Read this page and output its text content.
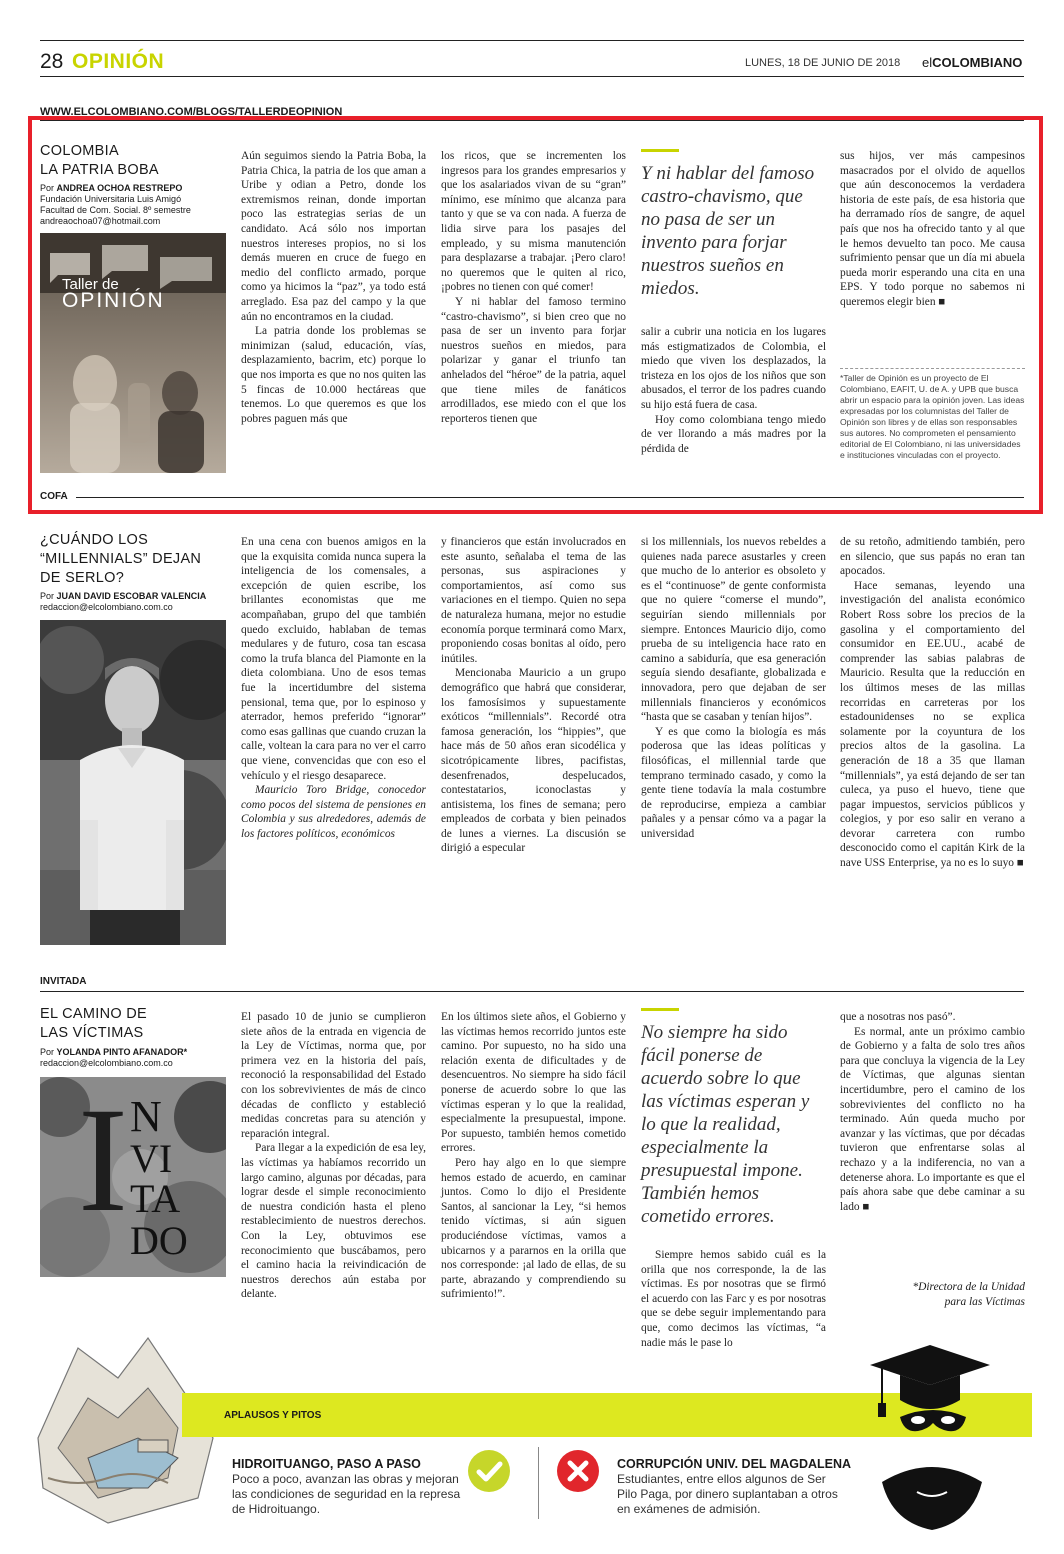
28 OPINIÓN	LUNES, 18 DE JUNIO DE 2018 elCOLOMBIANO
WWW.ELCOLOMBIANO.COM/BLOGS/TALLERDEOPINION
COLOMBIA
LA PATRIA BOBA
Por ANDREA OCHOA RESTREPO
Fundación Universitaria Luis Amigó
Facultad de Com. Social. 8º semestre
andreaochoa07@hotmail.com
Taller de
OPINIÓN

Aún seguimos siendo la Patria Boba, la Patria Chica, la patria de los que aman a Uribe y odian a Petro, donde los extremismos reinan, donde importan poco las estrategias serias de un candidato. Acá sólo nos importan nuestros intereses propios, no si los demás mueren en cruce de fuego en medio del conflicto armado, porque como ya hicimos la “paz”, ya todo está arreglado. Esa paz del campo y la que aún no encontramos en la ciudad.

La patria donde los problemas se minimizan (salud, educación, vías, desplazamiento, bacrim, etc) porque lo que nos importa es que no nos quiten las 5 fincas de 10.000 hectáreas que tenemos. Lo que queremos es que los pobres paguen más que

los ricos, que se incrementen los ingresos para los grandes empresarios y que los asalariados vivan de su “gran” mínimo, ese mínimo que alcanza para tanto y que se va con nada. A fuerza de lidia sirve para los pasajes del empleado, y su misma manutención para desplazarse a trabajar. ¡Pero claro! no queremos que le quiten al rico, ¡pobres no tienen con qué comer!

Y ni hablar del famoso termino “castro-chavismo”, si bien creo que no pasa de ser un invento para forjar nuestros sueños en miedos, para polarizar y ganar el triunfo tan anhelados del “héroe” de la patria, aquel que tiene miles de fanáticos arrodillados, ese miedo con el que los reporteros tienen que

Y ni hablar del famoso castro-chavismo, que no pasa de ser un invento para forjar nuestros sueños en miedos.

salir a cubrir una noticia en los lugares más estigmatizados de Colombia, el miedo que viven los desplazados, la tristeza en los ojos de los niños que son abusados, el terror de los padres cuando su hijo está fuera de casa.

Hoy como colombiana tengo miedo de ver llorando a más madres por la pérdida de

sus hijos, ver más campesinos masacrados por el olvido de aquellos que aún desconocemos la verdadera historia de este país, de esa historia que ha derramado ríos de sangre, de aquel país que nos ha ofrecido tanto y al que le hemos devuelto tan poco. Me causa sufrimiento pensar que un día mi abuela pueda morir esperando una cita en una EPS. Y todo porque no sabemos ni queremos elegir bien ■

*Taller de Opinión es un proyecto de El Colombiano, EAFIT, U. de A. y UPB que busca abrir un espacio para la opinión joven. Las ideas expresadas por los columnistas del Taller de Opinión son libres y de ellas son responsables sus autores. No comprometen el pensamiento editorial de El Colombiano, ni las universidades e instituciones vinculadas con el proyecto.
COFA
¿CUÁNDO LOS
“MILLENNIALS” DEJAN
DE SERLO?
Por JUAN DAVID ESCOBAR VALENCIA
redaccion@elcolombiano.com.co

En una cena con buenos amigos en la que la exquisita comida nunca supera la inteligencia de los comensales, a excepción de quien escribe, los brillantes economistas que me acompañaban, grupo del que también quedo excluido, hablaban de temas medulares y de futuro, cosa tan escasa como la trufa blanca del Piamonte en la dieta colombiana. Uno de esos temas fue la incertidumbre del sistema pensional, tema que, por lo espinoso y aterrador, hemos preferido “ignorar” como esas gallinas que cuando cruzan la calle, voltean la cara para no ver el carro que viene, convencidas que con eso el vehículo y el riesgo desaparece.

Mauricio Toro Bridge, conocedor como pocos del sistema de pensiones en Colombia y sus alrededores, además de los factores políticos, económicos

y financieros que están involucrados en este asunto, señalaba el tema de las personas, sus aspiraciones y comportamientos, así como sus variaciones en el tiempo. Quien no sepa de naturaleza humana, mejor no estudie economía porque terminará como Marx, proponiendo cosas bonitas al oído, pero inútiles.

Mencionaba Mauricio a un grupo demográfico que habrá que considerar, los famosísimos y supuestamente exóticos “millennials”. Recordé otra famosa generación, los “hippies”, que hace más de 50 años eran sicodélica y sicotrópicamente libres, pacifistas, desenfrenados, despelucados, contestatarios, iconoclastas y antisistema, los fines de semana; pero empleados de corbata y bien peinados de lunes a viernes. La discusión se dirigió a especular

si los millennials, los nuevos rebeldes a quienes nada parece asustarles y creen que mucho de lo anterior es obsoleto y es el “continuose” de gente conformista que no quiere “comerse el mundo”, seguirían siendo millennials por siempre. Entonces Mauricio dijo, como prueba de su inteligencia hace rato en camino a sabiduría, que esa generación seguía siendo desafiante, globalizada e innovadora, pero que dejaban de ser millennials financieros y económicos “hasta que se casaban y tenían hijos”.

Y es que como la biología es más poderosa que las ideas políticas y filosóficas, el millennial tarde que temprano terminado casado, y como la gente tiene todavía la mala costumbre de reproducirse, empieza a cambiar pañales y a pensar cómo va a pagar la universidad

de su retoño, admitiendo también, pero en silencio, que sus papás no eran tan apocados.

Hace semanas, leyendo una investigación del analista económico Robert Ross sobre los precios de la gasolina y el comportamiento del consumidor en EE.UU., acabé de comprender las sabias palabras de Mauricio. Resulta que la reducción en los últimos meses de las millas recorridas en carreteras por los estadounidenses no se explica solamente por la coyuntura de los precios altos de la gasolina. La generación de 18 a 35 que llaman “millennials”, ya está dejando de ser tan culeca, ya puso el huevo, tiene que pagar impuestos, servicios públicos y colegios, y por eso salir en verano a devorar carretera con rumbo desconocido como el capitán Kirk de la nave USS Enterprise, ya no es lo suyo ■

INVITADA
EL CAMINO DE
LAS VÍCTIMAS
Por YOLANDA PINTO AFANADOR*
redaccion@elcolombiano.com.co
I N
VI
TA
DO

El pasado 10 de junio se cumplieron siete años de la entrada en vigencia de la Ley de Víctimas, norma que, por primera vez en la historia del país, reconoció la responsabilidad del Estado con los sobrevivientes de más de cinco décadas de conflicto y estableció medidas concretas para su atención y reparación integral.

Para llegar a la expedición de esa ley, las víctimas ya habíamos recorrido un largo camino, algunas por décadas, para lograr desde el simple reconocimiento de nuestra condición hasta el pleno restablecimiento de nuestros derechos. Con la Ley, obtuvimos ese reconocimiento que buscábamos, pero el camino hacia la reivindicación de nuestros derechos aún estaba por delante.

En los últimos siete años, el Gobierno y las víctimas hemos recorrido juntos este camino. Por supuesto, no ha sido una relación exenta de dificultades y de desencuentros. No siempre ha sido fácil ponerse de acuerdo sobre lo que las víctimas esperan y lo que la realidad, especialmente la presupuestal, impone. Por supuesto, también hemos cometido errores.

Pero hay algo en lo que siempre hemos estado de acuerdo, en caminar juntos. Como lo dijo el Presidente Santos, al sancionar la Ley, “si hemos tenido víctimas, si aún siguen produciéndose víctimas, vamos a ubicarnos y a pararnos en la orilla que nos corresponde: ¡al lado de ellas, de su parte, abrazando y comprendiendo su sufrimiento!”.

No siempre ha sido fácil ponerse de acuerdo sobre lo que las víctimas esperan y lo que la realidad, especialmente la presupuestal impone. También hemos cometido errores.

Siempre hemos sabido cuál es la orilla que nos corresponde, la de las víctimas. Es por nosotras que se firmó el acuerdo con las Farc y es por nosotras que se debe seguir implementando para que, como decimos las víctimas, “a nadie más le pase lo

que a nosotras nos pasó”.

Es normal, ante un próximo cambio de Gobierno y a falta de solo tres años para que concluya la vigencia de la Ley de Víctimas, que algunas sientan incertidumbre, pero el camino de los sobrevivientes del conflicto no ha terminado. Aún queda mucho por avanzar y las víctimas, que por décadas tuvieron que enfrentarse solas al rechazo y a la indiferencia, no van a detenerse ahora. Lo importante es que el país ahora sabe que debe caminar a su lado ■

*Directora de la Unidad
para las Víctimas
APLAUSOS Y PITOS
HIDROITUANGO, PASO A PASO
Poco a poco, avanzan las obras y mejoran las condiciones de seguridad en la represa de Hidroituango.
CORRUPCIÓN UNIV. DEL MAGDALENA
Estudiantes, entre ellos algunos de Ser Pilo Paga, por dinero suplantaban a otros en exámenes de admisión.
